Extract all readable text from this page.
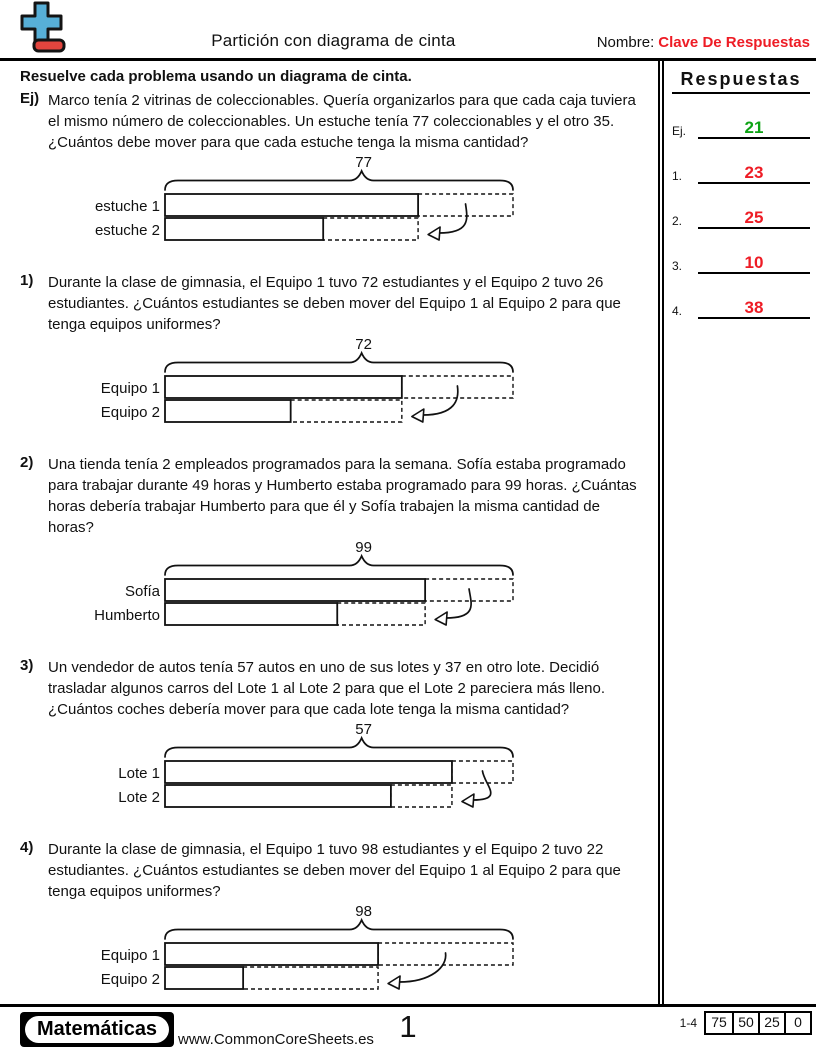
Partición con diagrama de cinta	Nombre: Clave De Respuestas
Resuelve cada problema usando un diagrama de cinta.
Ej) Marco tenía 2 vitrinas de coleccionables. Quería organizarlos para que cada caja tuviera el mismo número de coleccionables. Un estuche tenía 77 coleccionables y el otro 35. ¿Cuántos debe mover para que cada estuche tenga la misma cantidad?
77
estuche 1
estuche 2
1) Durante la clase de gimnasia, el Equipo 1 tuvo 72 estudiantes y el Equipo 2 tuvo 26 estudiantes. ¿Cuántos estudiantes se deben mover del Equipo 1 al Equipo 2 para que tenga equipos uniformes?
72
Equipo 1
Equipo 2
2) Una tienda tenía 2 empleados programados para la semana. Sofía estaba programado para trabajar durante 49 horas y Humberto estaba programado para 99 horas. ¿Cuántas horas debería trabajar Humberto para que él y Sofía trabajen la misma cantidad de horas?
99
Sofía
Humberto
3) Un vendedor de autos tenía 57 autos en uno de sus lotes y 37 en otro lote. Decidió trasladar algunos carros del Lote 1 al Lote 2 para que el Lote 2 pareciera más lleno. ¿Cuántos coches debería mover para que cada lote tenga la misma cantidad?
57
Lote 1
Lote 2
4) Durante la clase de gimnasia, el Equipo 1 tuvo 98 estudiantes y el Equipo 2 tuvo 22 estudiantes. ¿Cuántos estudiantes se deben mover del Equipo 1 al Equipo 2 para que tenga equipos uniformes?
98
Equipo 1
Equipo 2
Respuestas
Ej.	21
1.	23
2.	25
3.	10
4.	38
Matemáticas	www.CommonCoreSheets.es 1	1-4	75 50 25	0
